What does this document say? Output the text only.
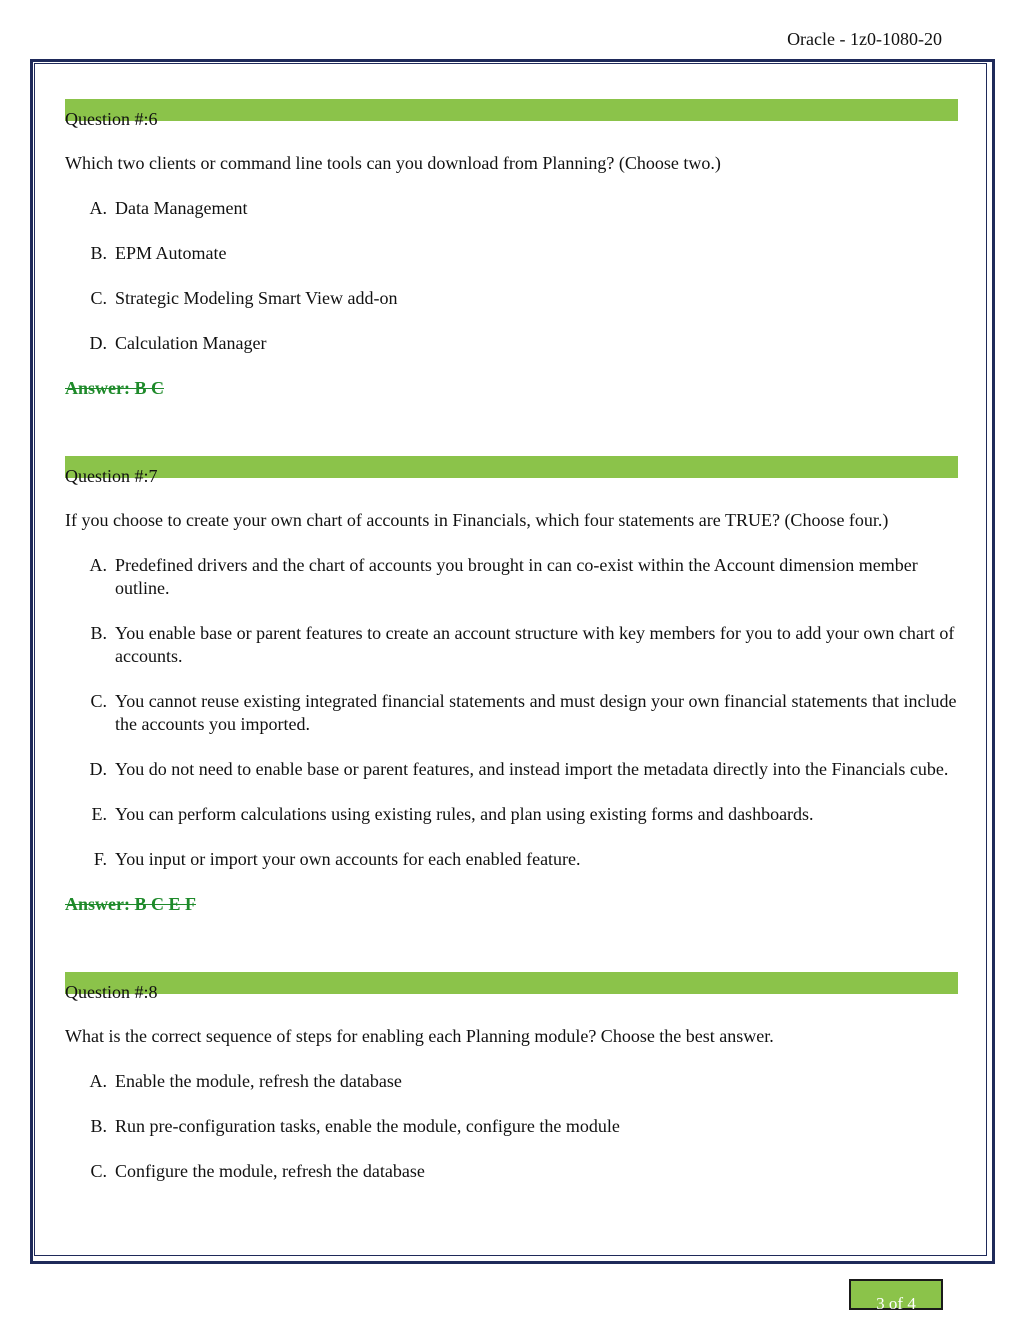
Oracle - 1z0-1080-20
Question #:6
Which two clients or command line tools can you download from Planning? (Choose two.)
A. Data Management
B. EPM Automate
C. Strategic Modeling Smart View add-on
D. Calculation Manager
Answer: B C
Question #:7
If you choose to create your own chart of accounts in Financials, which four statements are TRUE? (Choose four.)
A. Predefined drivers and the chart of accounts you brought in can co-exist within the Account dimension member outline.
B. You enable base or parent features to create an account structure with key members for you to add your own chart of accounts.
C. You cannot reuse existing integrated financial statements and must design your own financial statements that include the accounts you imported.
D. You do not need to enable base or parent features, and instead import the metadata directly into the Financials cube.
E. You can perform calculations using existing rules, and plan using existing forms and dashboards.
F. You input or import your own accounts for each enabled feature.
Answer: B C E F
Question #:8
What is the correct sequence of steps for enabling each Planning module? Choose the best answer.
A. Enable the module, refresh the database
B. Run pre-configuration tasks, enable the module, configure the module
C. Configure the module, refresh the database
3 of 4
